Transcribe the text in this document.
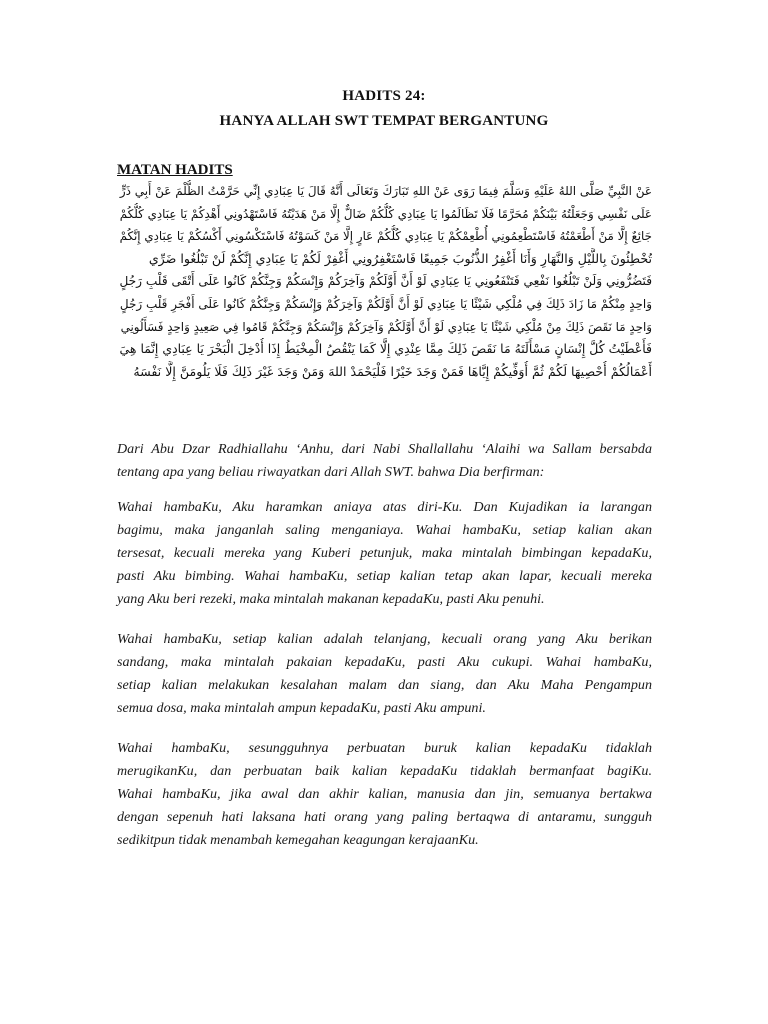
HADITS 24:
HANYA ALLAH SWT TEMPAT BERGANTUNG
MATAN HADITS
عَنْ النَّبِيِّ صَلَّى اللهُ عَلَيْهِ وَسَلَّمَ فِيمَا رَوَى عَنْ اللهِ تَبَارَكَ وَتَعَالَى أَنَّهُ قَالَ يَا عِبَادِي إِنِّي حَرَّمْتُ الظُّلْمَ عَنْ أَبِي ذَرٍّ
عَلَى نَفْسِي وَجَعَلْتُهُ بَيْنَكُمْ مُحَرَّمًا فَلَا تَظَالَمُوا يَا عِبَادِي كُلُّكُمْ ضَالٌّ إِلَّا مَنْ هَدَيْتُهُ فَاسْتَهْدُونِي أَهْدِكُمْ يَا عِبَادِي كُلُّكُمْ
جَائِعٌ إِلَّا مَنْ أَطْعَمْتُهُ فَاسْتَطْعِمُونِي أُطْعِمْكُمْ يَا عِبَادِي كُلُّكُمْ عَارٍ إِلَّا مَنْ كَسَوْتُهُ فَاسْتَكْسُونِي أَكْسُكُمْ يَا عِبَادِي إِنَّكُمْ
تُخْطِئُونَ بِاللَّيْلِ وَالنَّهَارِ وَأَنَا أَغْفِرُ الذُّنُوبَ جَمِيعًا فَاسْتَغْفِرُونِي أَغْفِرْ لَكُمْ يَا عِبَادِي إِنَّكُمْ لَنْ تَبْلُغُوا ضَرِّي
فَتَضُرُّونِي وَلَنْ تَبْلُغُوا نَفْعِي فَتَنْفَعُونِي يَا عِبَادِي لَوْ أَنَّ أَوَّلَكُمْ وَآخِرَكُمْ وَإِنْسَكُمْ وَجِنَّكُمْ كَانُوا عَلَى أَتْقَى قَلْبِ رَجُلٍ
وَاحِدٍ مِنْكُمْ مَا زَادَ ذَلِكَ فِي مُلْكِي شَيْئًا يَا عِبَادِي لَوْ أَنَّ أَوَّلَكُمْ وَآخِرَكُمْ وَإِنْسَكُمْ وَجِنَّكُمْ كَانُوا عَلَى أَفْجَرِ قَلْبِ رَجُلٍ
وَاحِدٍ مَا نَقَصَ ذَلِكَ مِنْ مُلْكِي شَيْئًا يَا عِبَادِي لَوْ أَنَّ أَوَّلَكُمْ وَآخِرَكُمْ وَإِنْسَكُمْ وَجِنَّكُمْ قَامُوا فِي صَعِيدٍ وَاحِدٍ فَسَأَلُونِي
فَأَعْطَيْتُ كُلَّ إِنْسَانٍ مَسْأَلَتَهُ مَا نَقَصَ ذَلِكَ مِمَّا عِنْدِي إِلَّا كَمَا يَنْقُصُ الْمِخْيَطُ إِذَا أُدْخِلَ الْبَحْرَ يَا عِبَادِي إِنَّمَا هِيَ
أَعْمَالُكُمْ أُحْصِيهَا لَكُمْ ثُمَّ أُوَفِّيكُمْ إِيَّاهَا فَمَنْ وَجَدَ خَيْرًا فَلْيَحْمَدْ اللهَ وَمَنْ وَجَدَ غَيْرَ ذَلِكَ فَلَا يَلُومَنَّ إِلَّا نَفْسَهُ
Dari Abu Dzar Radhiallahu ‘Anhu, dari Nabi Shallallahu ‘Alaihi wa Sallam bersabda
tentang apa yang beliau riwayatkan dari Allah SWT. bahwa Dia berfirman:
Wahai hambaKu, Aku haramkan aniaya atas diri-Ku. Dan Kujadikan ia larangan
bagimu, maka janganlah saling menganiaya. Wahai hambaKu, setiap kalian akan
tersesat, kecuali mereka yang Kuberi petunjuk, maka mintalah bimbingan kepadaKu,
pasti Aku bimbing. Wahai hambaKu, setiap kalian tetap akan lapar, kecuali mereka
yang Aku beri rezeki, maka mintalah makanan kepadaKu, pasti Aku penuhi.
Wahai hambaKu, setiap kalian adalah telanjang, kecuali orang yang Aku berikan
sandang, maka mintalah pakaian kepadaKu, pasti Aku cukupi. Wahai hambaKu,
setiap kalian melakukan kesalahan malam dan siang, dan Aku Maha Pengampun
semua dosa, maka mintalah ampun kepadaKu, pasti Aku ampuni.
Wahai hambaKu, sesungguhnya perbuatan buruk kalian kepadaKu tidaklah
merugikanKu, dan perbuatan baik kalian kepadaKu tidaklah bermanfaat bagiKu.
Wahai hambaKu, jika awal dan akhir kalian, manusia dan jin, semuanya bertakwa
dengan sepenuh hati laksana hati orang yang paling bertaqwa di antaramu, sungguh
sedikitpun tidak menambah kemegahan keagungan kerajaanKu.
